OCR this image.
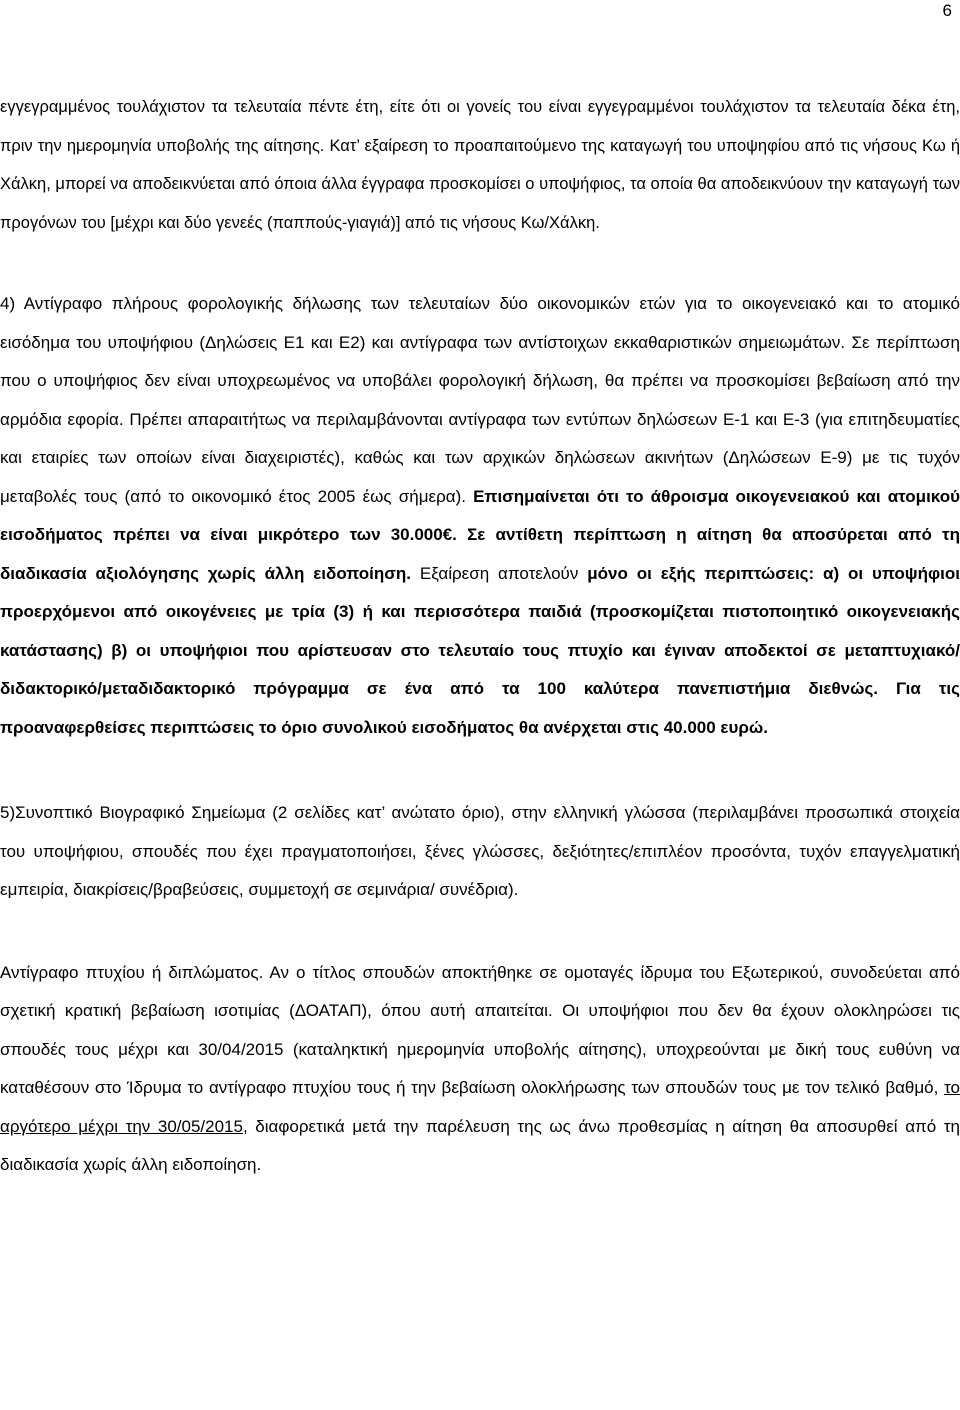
6

εγγεγραμμένος τουλάχιστον τα τελευταία πέντε έτη, είτε ότι οι γονείς του είναι εγγεγραμμένοι τουλάχιστον τα τελευταία δέκα έτη, πριν την ημερομηνία υποβολής της αίτησης. Κατ’ εξαίρεση το προαπαιτούμενο της καταγωγή του υποψηφίου από τις νήσους Κω ή Χάλκη, μπορεί να αποδεικνύεται από όποια άλλα έγγραφα προσκομίσει ο υποψήφιος, τα οποία θα αποδεικνύουν την καταγωγή των προγόνων του [μέχρι και δύο γενεές (παππούς-γιαγιά)] από τις νήσους Κω/Χάλκη.

4) Αντίγραφο πλήρους φορολογικής δήλωσης των τελευταίων δύο οικονομικών ετών για το οικογενειακό και το ατομικό εισόδημα του υποψήφιου (Δηλώσεις Ε1 και Ε2) και αντίγραφα των αντίστοιχων εκκαθαριστικών σημειωμάτων. Σε περίπτωση που ο υποψήφιος δεν είναι υποχρεωμένος να υποβάλει φορολογική δήλωση, θα πρέπει να προσκομίσει βεβαίωση από την αρμόδια εφορία. Πρέπει απαραιτήτως να περιλαμβάνονται αντίγραφα των εντύπων δηλώσεων Ε-1 και Ε-3 (για επιτηδευματίες και εταιρίες των οποίων είναι διαχειριστές), καθώς και των αρχικών δηλώσεων ακινήτων (Δηλώσεων Ε-9) με τις τυχόν μεταβολές τους (από το οικονομικό έτος 2005 έως σήμερα). Επισημαίνεται ότι το άθροισμα οικογενειακού και ατομικού εισοδήματος πρέπει να είναι μικρότερο των 30.000€. Σε αντίθετη περίπτωση η αίτηση θα αποσύρεται από τη διαδικασία αξιολόγησης χωρίς άλλη ειδοποίηση. Εξαίρεση αποτελούν μόνο οι εξής περιπτώσεις: α) οι υποψήφιοι προερχόμενοι από οικογένειες με τρία (3) ή και περισσότερα παιδιά (προσκομίζεται πιστοποιητικό οικογενειακής κατάστασης) β) οι υποψήφιοι που αρίστευσαν στο τελευταίο τους πτυχίο και έγιναν αποδεκτοί σε μεταπτυχιακό/διδακτορικό/μεταδιδακτορικό πρόγραμμα σε ένα από τα 100 καλύτερα πανεπιστήμια διεθνώς. Για τις προαναφερθείσες περιπτώσεις το όριο συνολικού εισοδήματος θα ανέρχεται στις 40.000 ευρώ.

5)Συνοπτικό Βιογραφικό Σημείωμα (2 σελίδες κατ’ ανώτατο όριο), στην ελληνική γλώσσα (περιλαμβάνει προσωπικά στοιχεία του υποψήφιου, σπουδές που έχει πραγματοποιήσει, ξένες γλώσσες, δεξιότητες/επιπλέον προσόντα, τυχόν επαγγελματική εμπειρία, διακρίσεις/βραβεύσεις, συμμετοχή σε σεμινάρια/ συνέδρια).

Αντίγραφο πτυχίου ή διπλώματος. Αν ο τίτλος σπουδών αποκτήθηκε σε ομοταγές ίδρυμα του Εξωτερικού, συνοδεύεται από σχετική κρατική βεβαίωση ισοτιμίας (ΔΟΑΤΑΠ), όπου αυτή απαιτείται. Οι υποψήφιοι που δεν θα έχουν ολοκληρώσει τις σπουδές τους μέχρι και 30/04/2015 (καταληκτική ημερομηνία υποβολής αίτησης), υποχρεούνται με δική τους ευθύνη να καταθέσουν στο Ίδρυμα το αντίγραφο πτυχίου τους ή την βεβαίωση ολοκλήρωσης των σπουδών τους με τον τελικό βαθμό, το αργότερο μέχρι την 30/05/2015, διαφορετικά μετά την παρέλευση της ως άνω προθεσμίας η αίτηση θα αποσυρθεί από τη διαδικασία χωρίς άλλη ειδοποίηση.
